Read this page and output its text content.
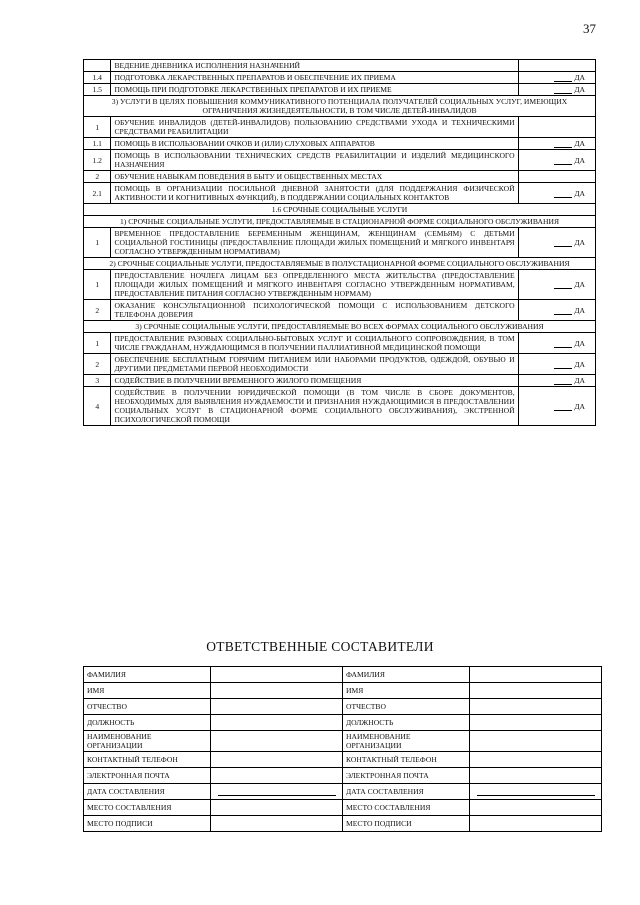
37
	ВЕДЕНИЕ ДНЕВНИКА ИСПОЛНЕНИЯ НАЗНАЧЕНИЙ	
1.4	ПОДГОТОВКА ЛЕКАРСТВЕННЫХ ПРЕПАРАТОВ И ОБЕСПЕЧЕНИЕ ИХ ПРИЕМА	ДА
1.5	ПОМОЩЬ ПРИ ПОДГОТОВКЕ ЛЕКАРСТВЕННЫХ ПРЕПАРАТОВ И ИХ ПРИЕМЕ	ДА
3) УСЛУГИ В ЦЕЛЯХ ПОВЫШЕНИЯ КОММУНИКАТИВНОГО ПОТЕНЦИАЛА ПОЛУЧАТЕЛЕЙ СОЦИАЛЬНЫХ УСЛУГ, ИМЕЮЩИХ ОГРАНИЧЕНИЯ ЖИЗНЕДЕЯТЕЛЬНОСТИ, В ТОМ ЧИСЛЕ ДЕТЕЙ-ИНВАЛИДОВ		
1	ОБУЧЕНИЕ ИНВАЛИДОВ (ДЕТЕЙ-ИНВАЛИДОВ) ПОЛЬЗОВАНИЮ СРЕДСТВАМИ УХОДА И ТЕХНИЧЕСКИМИ СРЕДСТВАМИ РЕАБИЛИТАЦИИ	
1.1	ПОМОЩЬ В ИСПОЛЬЗОВАНИИ ОЧКОВ И (ИЛИ) СЛУХОВЫХ АППАРАТОВ	ДА
1.2	ПОМОЩЬ В ИСПОЛЬЗОВАНИИ ТЕХНИЧЕСКИХ СРЕДСТВ РЕАБИЛИТАЦИИ И ИЗДЕЛИЙ МЕДИЦИНСКОГО НАЗНАЧЕНИЯ	ДА
2	ОБУЧЕНИЕ НАВЫКАМ ПОВЕДЕНИЯ В БЫТУ И ОБЩЕСТВЕННЫХ МЕСТАХ	
2.1	ПОМОЩЬ В ОРГАНИЗАЦИИ ПОСИЛЬНОЙ ДНЕВНОЙ ЗАНЯТОСТИ (ДЛЯ ПОДДЕРЖАНИЯ ФИЗИЧЕСКОЙ АКТИВНОСТИ И КОГНИТИВНЫХ ФУНКЦИЙ), В ПОДДЕРЖАНИИ СОЦИАЛЬНЫХ КОНТАКТОВ	ДА
1.6 СРОЧНЫЕ СОЦИАЛЬНЫЕ УСЛУГИ		
1) СРОЧНЫЕ СОЦИАЛЬНЫЕ УСЛУГИ, ПРЕДОСТАВЛЯЕМЫЕ В СТАЦИОНАРНОЙ ФОРМЕ СОЦИАЛЬНОГО ОБСЛУЖИВАНИЯ		
1	ВРЕМЕННОЕ ПРЕДОСТАВЛЕНИЕ БЕРЕМЕННЫМ ЖЕНЩИНАМ, ЖЕНЩИНАМ (СЕМЬЯМ) С ДЕТЬМИ СОЦИАЛЬНОЙ ГОСТИНИЦЫ (ПРЕДОСТАВЛЕНИЕ ПЛОЩАДИ ЖИЛЫХ ПОМЕЩЕНИЙ И МЯГКОГО ИНВЕНТАРЯ СОГЛАСНО УТВЕРЖДЕННЫМ НОРМАТИВАМ)	ДА
2) СРОЧНЫЕ СОЦИАЛЬНЫЕ УСЛУГИ, ПРЕДОСТАВЛЯЕМЫЕ В ПОЛУСТАЦИОНАРНОЙ ФОРМЕ СОЦИАЛЬНОГО ОБСЛУЖИВАНИЯ		
1	ПРЕДОСТАВЛЕНИЕ НОЧЛЕГА ЛИЦАМ БЕЗ ОПРЕДЕЛЕННОГО МЕСТА ЖИТЕЛЬСТВА (ПРЕДОСТАВЛЕНИЕ ПЛОЩАДИ ЖИЛЫХ ПОМЕЩЕНИЙ И МЯГКОГО ИНВЕНТАРЯ СОГЛАСНО УТВЕРЖДЕННЫМ НОРМАТИВАМ, ПРЕДОСТАВЛЕНИЕ ПИТАНИЯ СОГЛАСНО УТВЕРЖДЕННЫМ НОРМАМ)	ДА
2	ОКАЗАНИЕ КОНСУЛЬТАЦИОННОЙ ПСИХОЛОГИЧЕСКОЙ ПОМОЩИ С ИСПОЛЬЗОВАНИЕМ ДЕТСКОГО ТЕЛЕФОНА ДОВЕРИЯ	ДА
3) СРОЧНЫЕ СОЦИАЛЬНЫЕ УСЛУГИ, ПРЕДОСТАВЛЯЕМЫЕ ВО ВСЕХ ФОРМАХ СОЦИАЛЬНОГО ОБСЛУЖИВАНИЯ		
1	ПРЕДОСТАВЛЕНИЕ РАЗОВЫХ СОЦИАЛЬНО-БЫТОВЫХ УСЛУГ И СОЦИАЛЬНОГО СОПРОВОЖДЕНИЯ, В ТОМ ЧИСЛЕ ГРАЖДАНАМ, НУЖДАЮЩИМСЯ В ПОЛУЧЕНИИ ПАЛЛИАТИВНОЙ МЕДИЦИНСКОЙ ПОМОЩИ	ДА
2	ОБЕСПЕЧЕНИЕ БЕСПЛАТНЫМ ГОРЯЧИМ ПИТАНИЕМ ИЛИ НАБОРАМИ ПРОДУКТОВ, ОДЕЖДОЙ, ОБУВЬЮ И ДРУГИМИ ПРЕДМЕТАМИ ПЕРВОЙ НЕОБХОДИМОСТИ	ДА
3	СОДЕЙСТВИЕ В ПОЛУЧЕНИИ ВРЕМЕННОГО ЖИЛОГО ПОМЕЩЕНИЯ	ДА
4	СОДЕЙСТВИЕ В ПОЛУЧЕНИИ ЮРИДИЧЕСКОЙ ПОМОЩИ (В ТОМ ЧИСЛЕ В СБОРЕ ДОКУМЕНТОВ, НЕОБХОДИМЫХ ДЛЯ ВЫЯВЛЕНИЯ НУЖДАЕМОСТИ И ПРИЗНАНИЯ НУЖДАЮЩИМИСЯ В ПРЕДОСТАВЛЕНИИ СОЦИАЛЬНЫХ УСЛУГ В СТАЦИОНАРНОЙ ФОРМЕ СОЦИАЛЬНОГО ОБСЛУЖИВАНИЯ), ЭКСТРЕННОЙ ПСИХОЛОГИЧЕСКОЙ ПОМОЩИ	ДА
ОТВЕТСТВЕННЫЕ СОСТАВИТЕЛИ
ФАМИЛИЯ		ФАМИЛИЯ	
ИМЯ		ИМЯ	
ОТЧЕСТВО		ОТЧЕСТВО	
ДОЛЖНОСТЬ		ДОЛЖНОСТЬ	
НАИМЕНОВАНИЕ ОРГАНИЗАЦИИ		НАИМЕНОВАНИЕ ОРГАНИЗАЦИИ	
КОНТАКТНЫЙ ТЕЛЕФОН		КОНТАКТНЫЙ ТЕЛЕФОН	
ЭЛЕКТРОННАЯ ПОЧТА		ЭЛЕКТРОННАЯ ПОЧТА	
ДАТА СОСТАВЛЕНИЯ		ДАТА СОСТАВЛЕНИЯ	
МЕСТО СОСТАВЛЕНИЯ		МЕСТО СОСТАВЛЕНИЯ	
МЕСТО ПОДПИСИ		МЕСТО ПОДПИСИ	
